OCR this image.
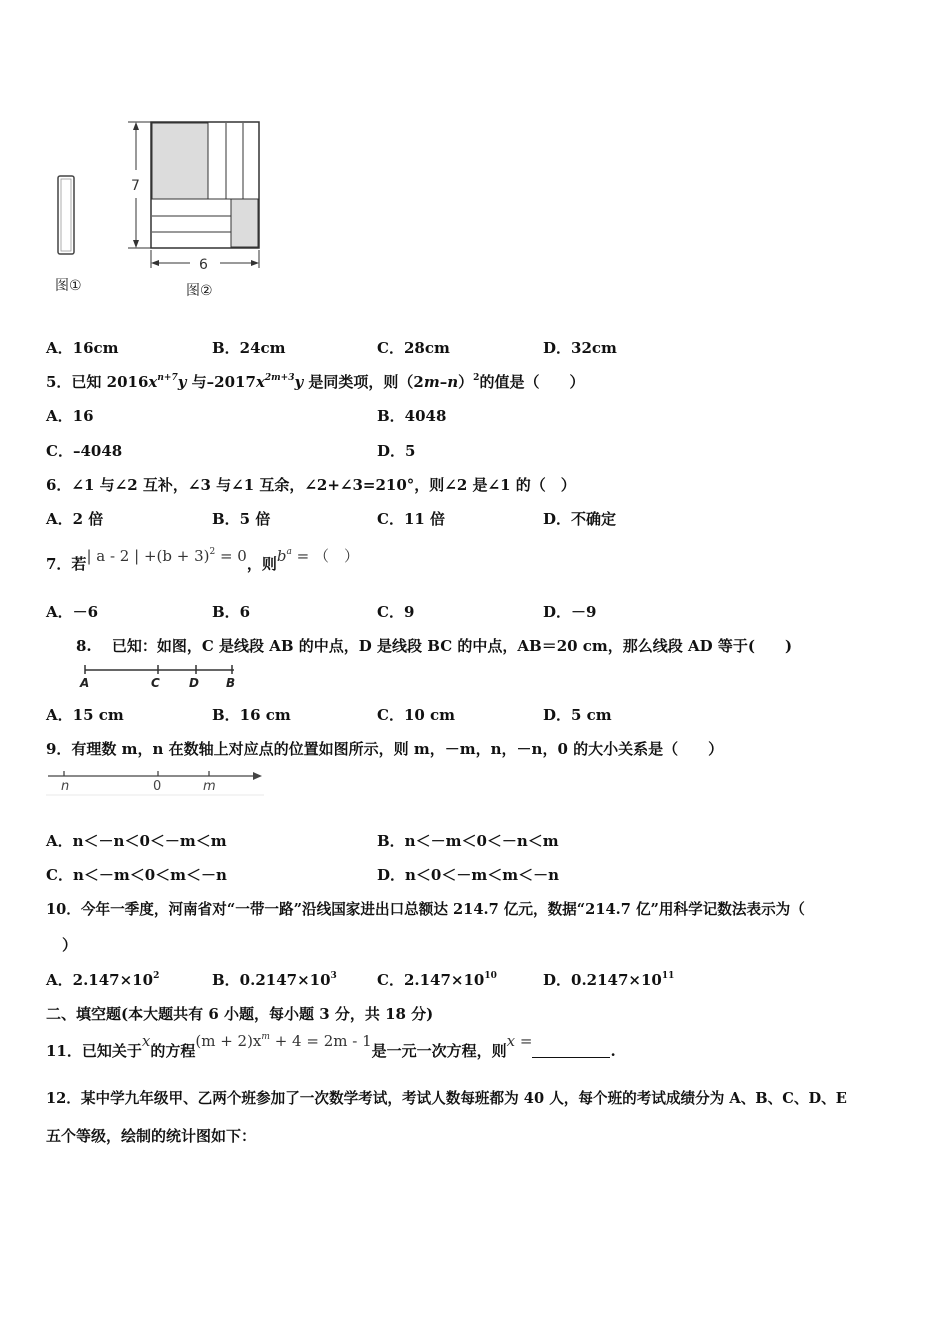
7
6
图①	图②
A．16cm	B．24cm	C．28cm	D．32cm
5．已知 $2016x^{n+7}y$ 与$-2017x^{2m+3}y$ 是同类项，则$(2m-n)^2$的值是（　　）
A．16	B．4048
C．–4048	D．5
6．∠1 与∠2 互补，∠3 与∠1 互余，∠2+∠3=210°，则∠2 是∠1 的（　）
A．2 倍	B．5 倍	C．11 倍	D．不确定
7．若| a - 2 | $+(b + 3)^2 = 0$，则$b^a$ = （　）
A．－6	B．6	C．9	D．－9
8.　 已知：如图，C 是线段 AB 的中点，D 是线段 BC 的中点，AB＝20 cm，那么线段 AD 等于(　　)
A	C D B
A．15 cm	B．16 cm	C．10 cm	D．5 cm
9．有理数 m，n 在数轴上对应点的位置如图所示，则 m，－m，n，－n，0 的大小关系是（　　）
n	0	m
A．n＜－n＜0＜－m＜m	B．n＜－m＜0＜－n＜m
C．n＜－m＜0＜m＜－n	D．n＜0＜－m＜m＜－n
10．今年一季度，河南省对“一带一路”沿线国家进出口总额达 214.7 亿元，数据“214.7 亿”用科学记数法表示为（
）
A．$2.147\times 10^2$	B．$0.2147\times 10^3$	C．$2.147\times 10^{10}$	D．$0.2147\times 10^{11}$
二、填空题(本大题共有 6 小题，每小题 3 分，共 18 分)
11．已知关于x的方程$(m + 2)x^m + 4 = 2m - 1$是一元一次方程，则x =.
12．某中学九年级甲、乙两个班参加了一次数学考试，考试人数每班都为 40 人，每个班的考试成绩分为 A、B、C、D、E
五个等级，绘制的统计图如下：
